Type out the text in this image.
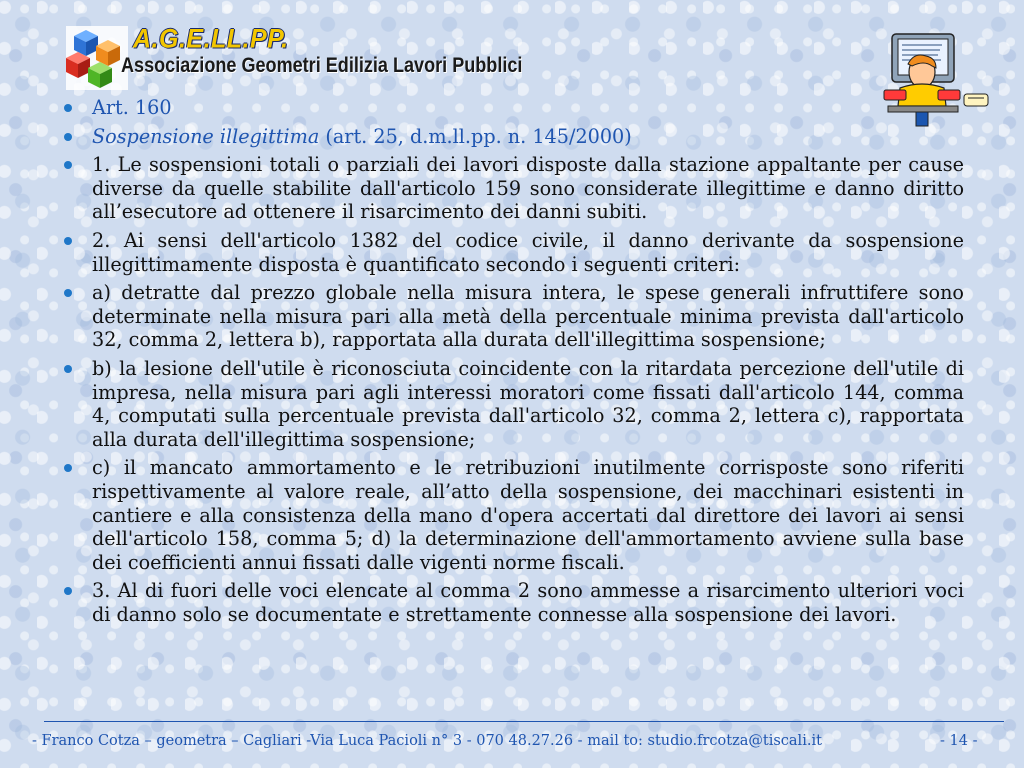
A.G.E.LL.PP.
Associazione Geometri Edilizia Lavori Pubblici
Art. 160
Sospensione illegittima (art. 25, d.m.ll.pp. n. 145/2000)
1. Le sospensioni totali o parziali dei lavori disposte dalla stazione appaltante per cause diverse da quelle stabilite dall'articolo 159 sono considerate illegittime e danno diritto all’esecutore ad ottenere il risarcimento dei danni subiti.
2. Ai sensi dell'articolo 1382 del codice civile, il danno derivante da sospensione illegittimamente disposta è quantificato secondo i seguenti criteri:
a) detratte dal prezzo globale nella misura intera, le spese generali infruttifere sono determinate nella misura pari alla metà della percentuale minima prevista dall'articolo 32, comma 2, lettera b), rapportata alla durata dell'illegittima sospensione;
b) la lesione dell'utile è riconosciuta coincidente con la ritardata percezione dell'utile di impresa, nella misura pari agli interessi moratori come fissati dall'articolo 144, comma 4, computati sulla percentuale prevista dall'articolo 32, comma 2, lettera c), rapportata alla durata dell'illegittima sospensione;
c) il mancato ammortamento e le retribuzioni inutilmente corrisposte sono riferiti rispettivamente al valore reale, all’atto della sospensione, dei macchinari esistenti in cantiere e alla consistenza della mano d'opera accertati dal direttore dei lavori ai sensi dell'articolo 158, comma 5; d) la determinazione dell'ammortamento avviene sulla base dei coefficienti annui fissati dalle vigenti norme fiscali.
3. Al di fuori delle voci elencate al comma 2 sono ammesse a risarcimento ulteriori voci di danno solo se documentate e strettamente connesse alla sospensione dei lavori.
- Franco Cotza – geometra – Cagliari -Via Luca Pacioli n° 3 - 070 48.27.26 - mail to: studio.frcotza@tiscali.it	- 14 -
